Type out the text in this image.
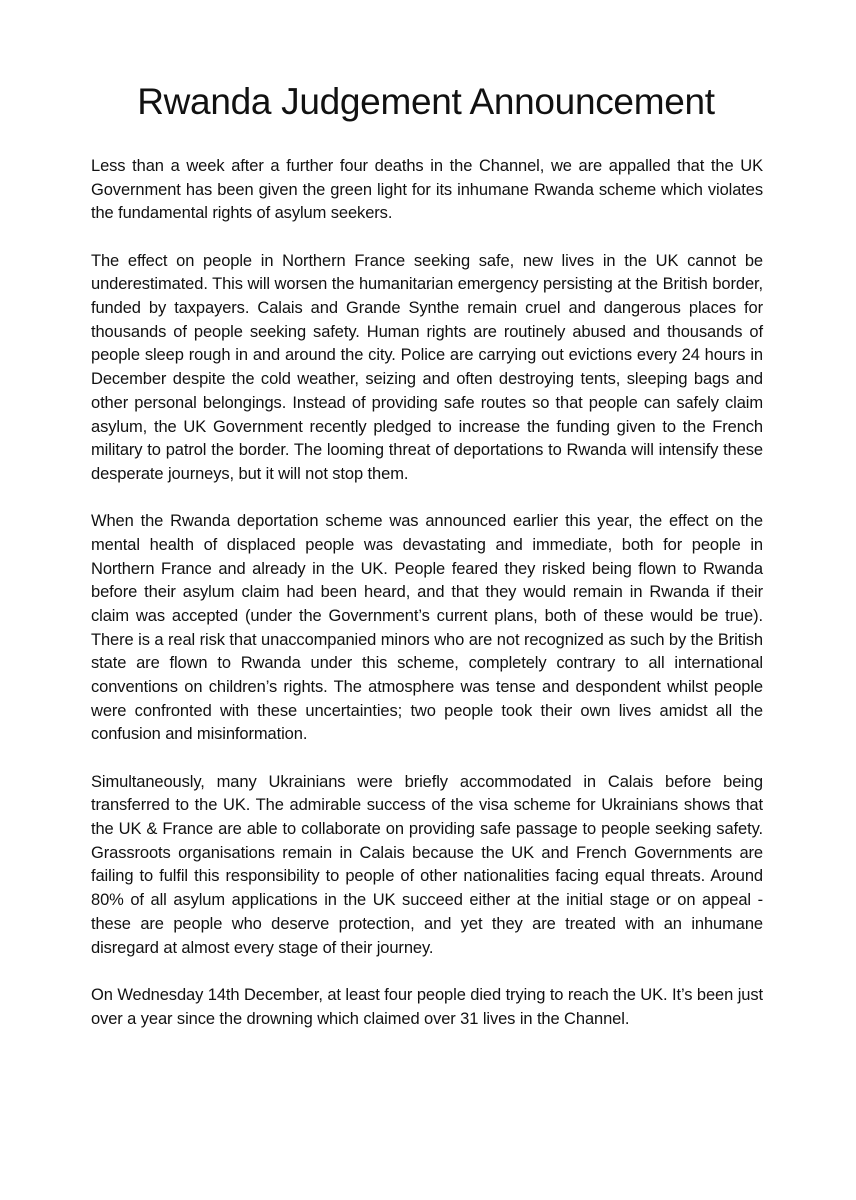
Rwanda Judgement Announcement

Less than a week after a further four deaths in the Channel, we are appalled that the UK Government has been given the green light for its inhumane Rwanda scheme which violates the fundamental rights of asylum seekers.

The effect on people in Northern France seeking safe, new lives in the UK cannot be underestimated. This will worsen the humanitarian emergency persisting at the British border, funded by taxpayers. Calais and Grande Synthe remain cruel and dangerous places for thousands of people seeking safety. Human rights are routinely abused and thousands of people sleep rough in and around the city. Police are carrying out evictions every 24 hours in December despite the cold weather, seizing and often destroying tents, sleeping bags and other personal belongings. Instead of providing safe routes so that people can safely claim asylum, the UK Government recently pledged to increase the funding given to the French military to patrol the border. The looming threat of deportations to Rwanda will intensify these desperate journeys, but it will not stop them.

When the Rwanda deportation scheme was announced earlier this year, the effect on the mental health of displaced people was devastating and immediate, both for people in Northern France and already in the UK. People feared they risked being flown to Rwanda before their asylum claim had been heard, and that they would remain in Rwanda if their claim was accepted (under the Government’s current plans, both of these would be true). There is a real risk that unaccompanied minors who are not recognized as such by the British state are flown to Rwanda under this scheme, completely contrary to all international conventions on children’s rights. The atmosphere was tense and despondent whilst people were confronted with these uncertainties; two people took their own lives amidst all the confusion and misinformation.

Simultaneously, many Ukrainians were briefly accommodated in Calais before being transferred to the UK. The admirable success of the visa scheme for Ukrainians shows that the UK & France are able to collaborate on providing safe passage to people seeking safety. Grassroots organisations remain in Calais because the UK and French Governments are failing to fulfil this responsibility to people of other nationalities facing equal threats. Around 80% of all asylum applications in the UK succeed either at the initial stage or on appeal - these are people who deserve protection, and yet they are treated with an inhumane disregard at almost every stage of their journey.

On Wednesday 14th December, at least four people died trying to reach the UK. It’s been just over a year since the drowning which claimed over 31 lives in the Channel.
